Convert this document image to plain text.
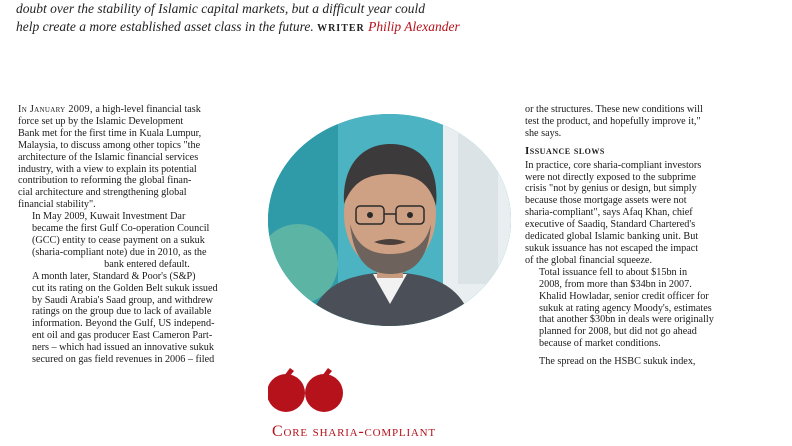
doubt over the stability of Islamic capital markets, but a difficult year could
help create a more established asset class in the future. WRITER Philip Alexander

In January 2009, a high-level financial task
force set up by the Islamic Development
Bank met for the first time in Kuala Lumpur,
Malaysia, to discuss among other topics "the
architecture of the Islamic financial services
industry, with a view to explain its potential
contribution to reforming the global finan-
cial architecture and strengthening global
financial stability".

In May 2009, Kuwait Investment Dar
became the first Gulf Co-operation Council
(GCC) entity to cease payment on a sukuk
(sharia-compliant note) due in 2010, as the
bank entered default.

A month later, Standard & Poor's (S&P)
cut its rating on the Golden Belt sukuk issued
by Saudi Arabia's Saad group, and withdrew
ratings on the group due to lack of available
information. Beyond the Gulf, US independ-
ent oil and gas producer East Cameron Part-
ners – which had issued an innovative sukuk
secured on gas field revenues in 2006 – filed

Core sharia-compliant

or the structures. These new conditions will
test the product, and hopefully improve it,"
she says.

Issuance slows

In practice, core sharia-compliant investors
were not directly exposed to the subprime
crisis "not by genius or design, but simply
because those mortgage assets were not
sharia-compliant", says Afaq Khan, chief
executive of Saadiq, Standard Chartered's
dedicated global Islamic banking unit. But
sukuk issuance has not escaped the impact
of the global financial squeeze.

Total issuance fell to about $15bn in
2008, from more than $34bn in 2007.
Khalid Howladar, senior credit officer for
sukuk at rating agency Moody's, estimates
that another $30bn in deals were originally
planned for 2008, but did not go ahead
because of market conditions.

The spread on the HSBC sukuk index,
